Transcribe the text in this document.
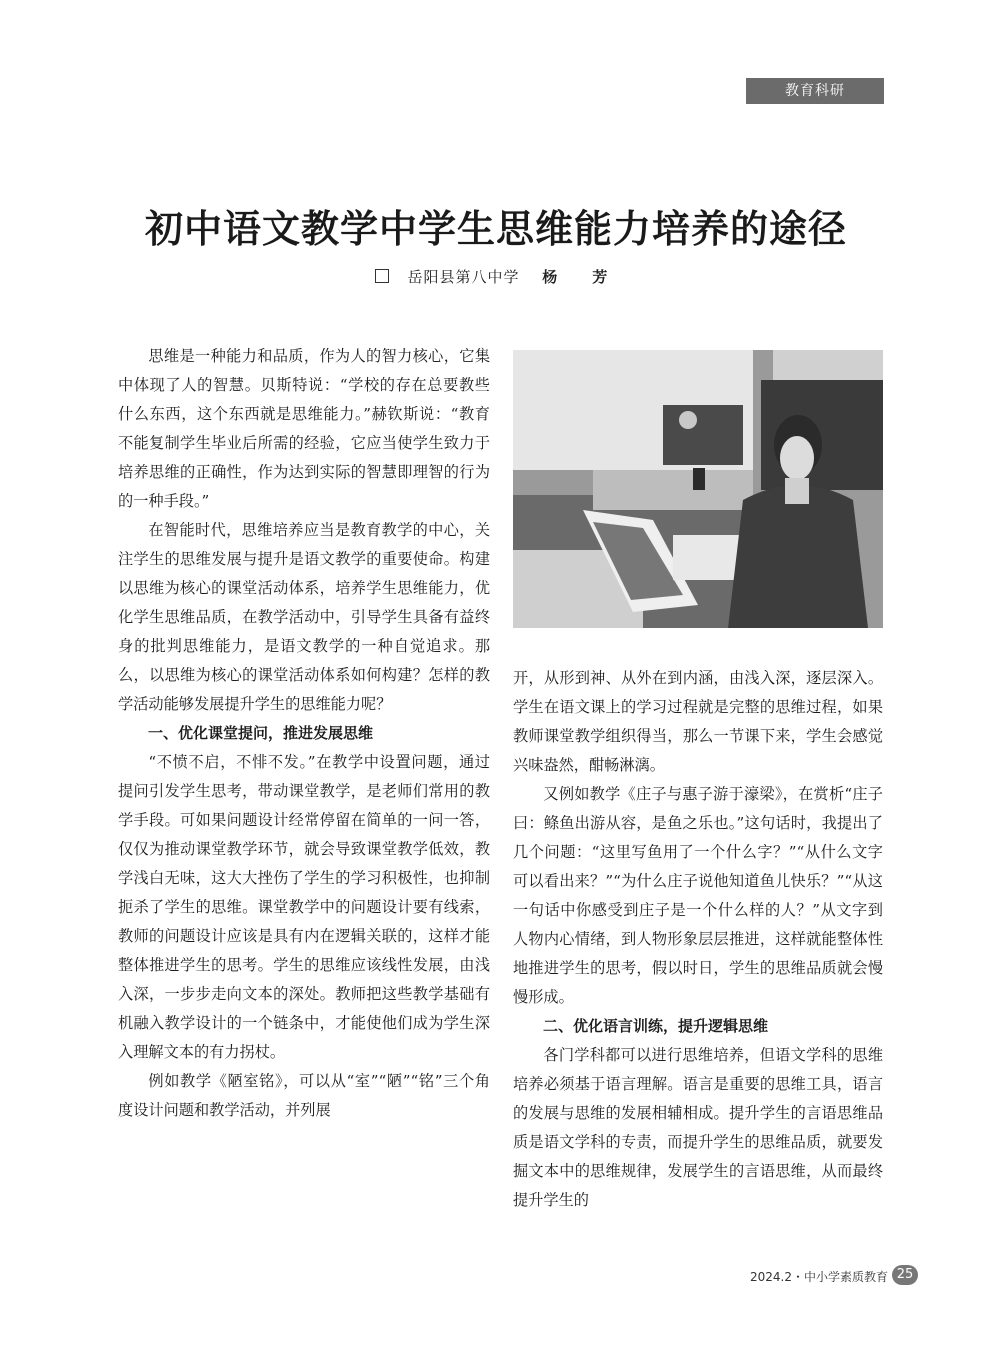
教育科研
初中语文教学中学生思维能力培养的途径
岳阳县第八中学 杨　芳

思维是一种能力和品质，作为人的智力核心，它集中体现了人的智慧。贝斯特说：“学校的存在总要教些什么东西，这个东西就是思维能力。”赫钦斯说：“教育不能复制学生毕业后所需的经验，它应当使学生致力于培养思维的正确性，作为达到实际的智慧即理智的行为的一种手段。”

在智能时代，思维培养应当是教育教学的中心，关注学生的思维发展与提升是语文教学的重要使命。构建以思维为核心的课堂活动体系，培养学生思维能力，优化学生思维品质，在教学活动中，引导学生具备有益终身的批判思维能力，是语文教学的一种自觉追求。那么，以思维为核心的课堂活动体系如何构建？怎样的教学活动能够发展提升学生的思维能力呢？

一、优化课堂提问，推进发展思维

“不愤不启，不悱不发。”在教学中设置问题，通过提问引发学生思考，带动课堂教学，是老师们常用的教学手段。可如果问题设计经常停留在简单的一问一答，仅仅为推动课堂教学环节，就会导致课堂教学低效，教学浅白无味，这大大挫伤了学生的学习积极性，也抑制扼杀了学生的思维。课堂教学中的问题设计要有线索，教师的问题设计应该是具有内在逻辑关联的，这样才能整体推进学生的思考。学生的思维应该线性发展，由浅入深，一步步走向文本的深处。教师把这些教学基础有机融入教学设计的一个链条中，才能使他们成为学生深入理解文本的有力拐杖。

例如教学《陋室铭》，可以从“室”“陋”“铭”三个角度设计问题和教学活动，并列展

开，从形到神、从外在到内涵，由浅入深，逐层深入。学生在语文课上的学习过程就是完整的思维过程，如果教师课堂教学组织得当，那么一节课下来，学生会感觉兴味盎然，酣畅淋漓。

又例如教学《庄子与惠子游于濠梁》，在赏析“庄子曰：鲦鱼出游从容，是鱼之乐也。”这句话时，我提出了几个问题：“这里写鱼用了一个什么字？”“从什么文字可以看出来？”“为什么庄子说他知道鱼儿快乐？”“从这一句话中你感受到庄子是一个什么样的人？”从文字到人物内心情绪，到人物形象层层推进，这样就能整体性地推进学生的思考，假以时日，学生的思维品质就会慢慢形成。

二、优化语言训练，提升逻辑思维

各门学科都可以进行思维培养，但语文学科的思维培养必须基于语言理解。语言是重要的思维工具，语言的发展与思维的发展相辅相成。提升学生的言语思维品质是语文学科的专责，而提升学生的思维品质，就要发掘文本中的思维规律，发展学生的言语思维，从而最终提升学生的

2024.2・中小学素质教育 25
